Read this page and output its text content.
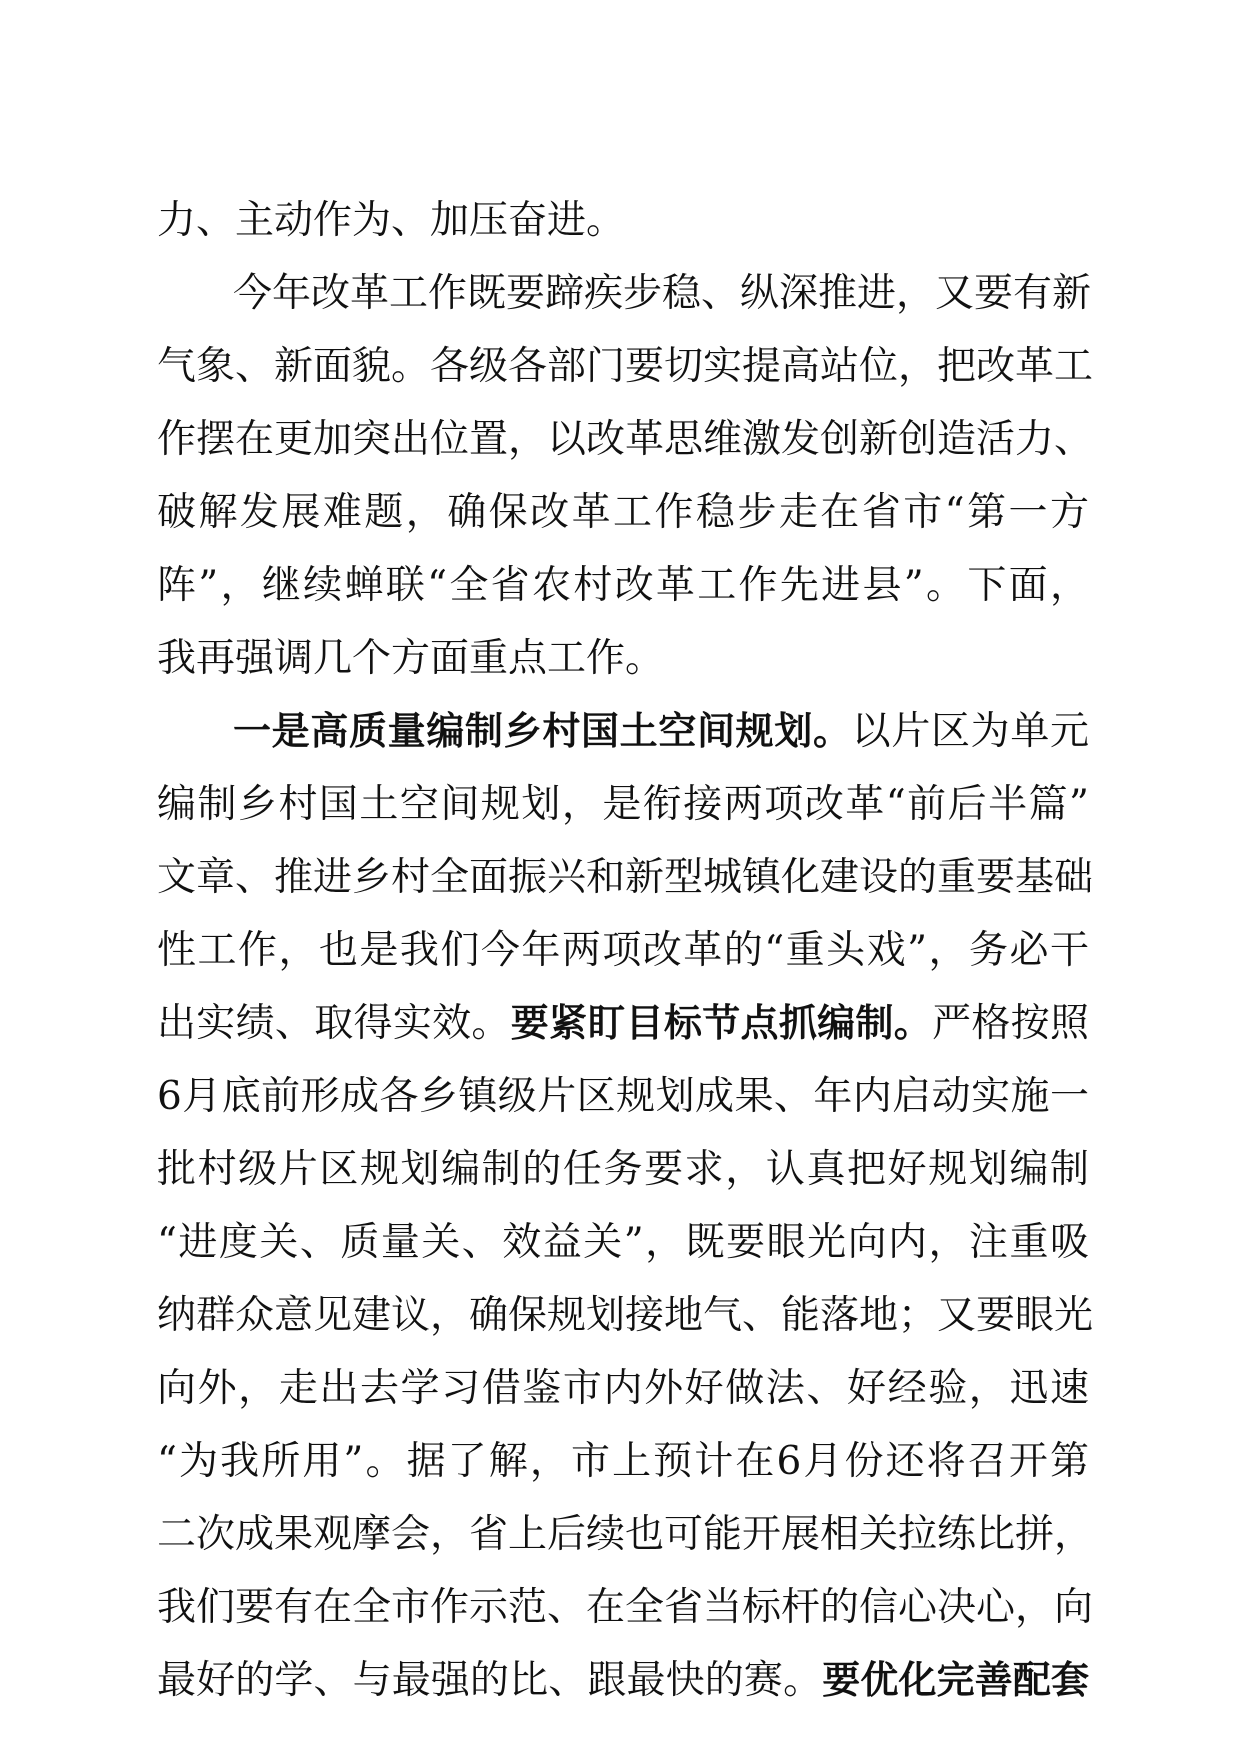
力、主动作为、加压奋进。
今年改革工作既要蹄疾步稳、纵深推进，又要有新
气象、新面貌。各级各部门要切实提高站位，把改革工
作摆在更加突出位置，以改革思维激发创新创造活力、
破解发展难题，确保改革工作稳步走在省市“第一方
阵”，继续蝉联“全省农村改革工作先进县”。下面，
我再强调几个方面重点工作。
一是高质量编制乡村国土空间规划。以片区为单元
编制乡村国土空间规划，是衔接两项改革“前后半篇”
文章、推进乡村全面振兴和新型城镇化建设的重要基础
性工作，也是我们今年两项改革的“重头戏”，务必干
出实绩、取得实效。要紧盯目标节点抓编制。严格按照
6月底前形成各乡镇级片区规划成果、年内启动实施一
批村级片区规划编制的任务要求，认真把好规划编制
“进度关、质量关、效益关”，既要眼光向内，注重吸
纳群众意见建议，确保规划接地气、能落地；又要眼光
向外，走出去学习借鉴市内外好做法、好经验，迅速
“为我所用”。据了解，市上预计在6月份还将召开第
二次成果观摩会，省上后续也可能开展相关拉练比拼，
我们要有在全市作示范、在全省当标杆的信心决心，向
最好的学、与最强的比、跟最快的赛。要优化完善配套
